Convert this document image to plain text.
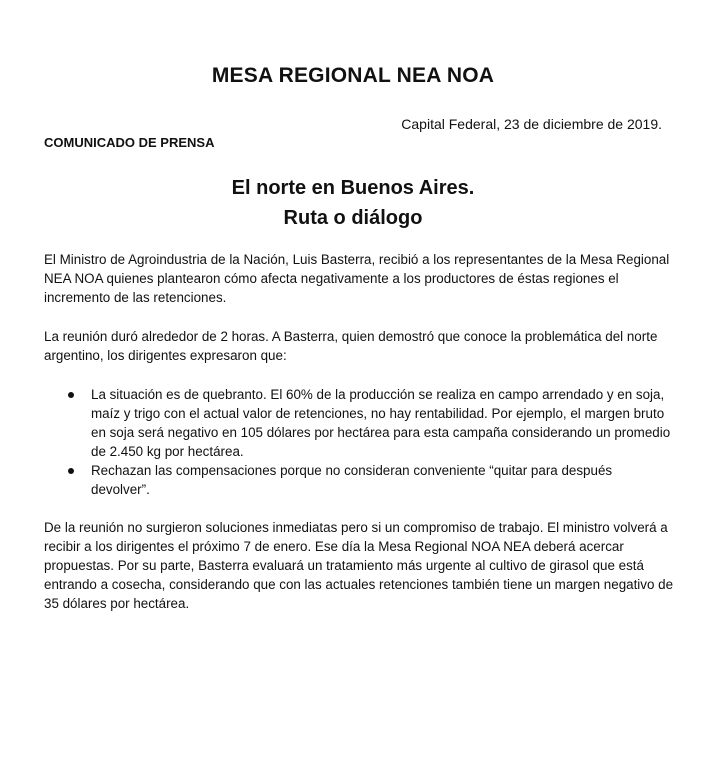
MESA REGIONAL NEA NOA
Capital Federal, 23 de diciembre de 2019.
COMUNICADO DE PRENSA
El norte en Buenos Aires.
Ruta o diálogo
El Ministro de Agroindustria de la Nación, Luis Basterra, recibió a los representantes de la Mesa Regional NEA NOA quienes plantearon cómo afecta negativamente a los productores de éstas regiones el incremento de las retenciones.
La reunión duró alrededor de 2 horas. A Basterra, quien demostró que conoce la problemática del norte argentino, los dirigentes expresaron que:
La situación es de quebranto. El 60% de la producción se realiza en campo arrendado y en soja, maíz y trigo con el actual valor de retenciones, no hay rentabilidad. Por ejemplo, el margen bruto en soja será negativo en 105 dólares por hectárea para esta campaña considerando un promedio de 2.450 kg por hectárea.
Rechazan las compensaciones porque no consideran conveniente “quitar para después devolver”.
De la reunión no surgieron soluciones inmediatas pero si un compromiso de trabajo. El ministro volverá a recibir a los dirigentes el próximo 7 de enero. Ese día la Mesa Regional NOA NEA deberá acercar propuestas. Por su parte, Basterra evaluará un tratamiento más urgente al cultivo de girasol que está entrando a cosecha, considerando que con las actuales retenciones también tiene un margen negativo de 35 dólares por hectárea.
